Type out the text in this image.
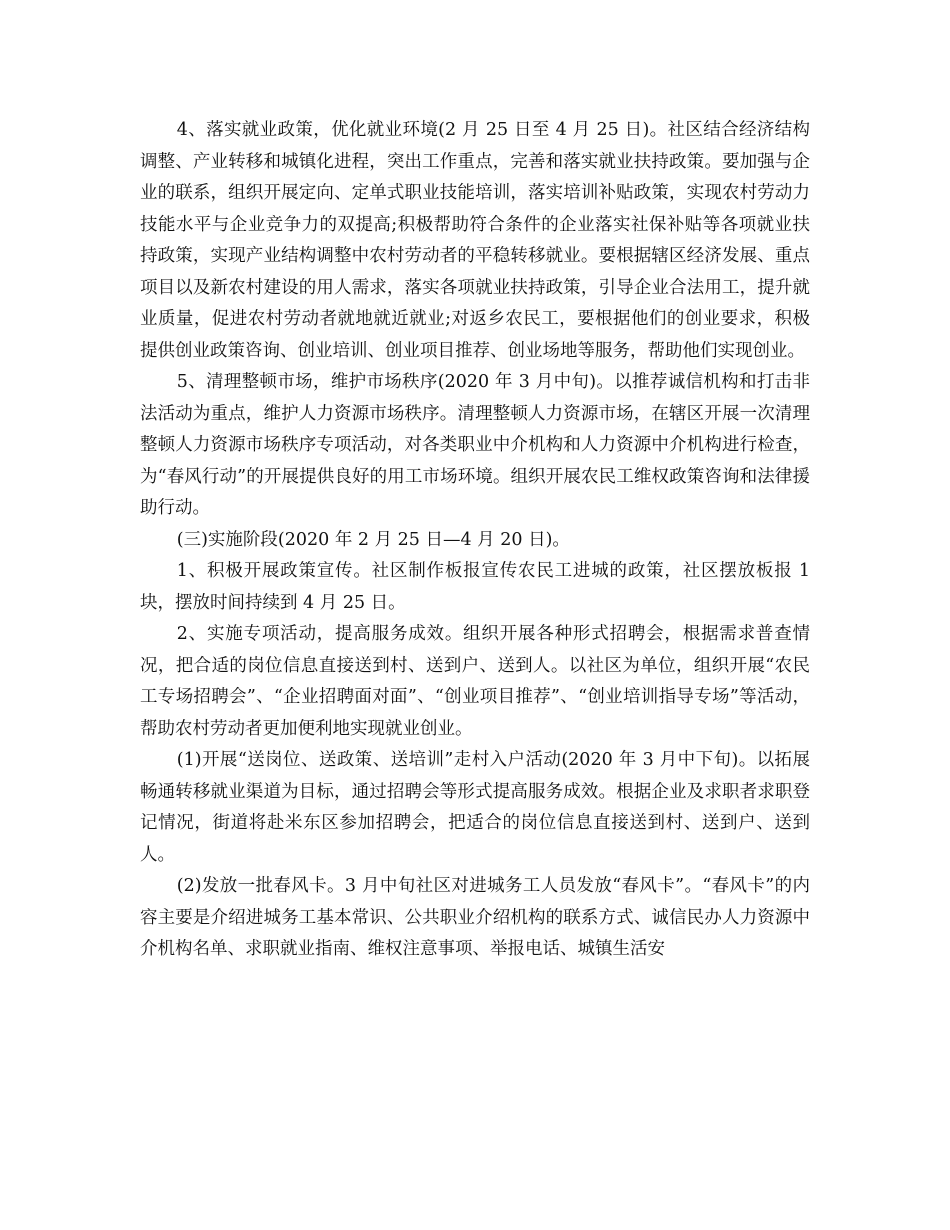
4、落实就业政策，优化就业环境(2 月 25 日至 4 月 25 日)。社区结合经济结构调整、产业转移和城镇化进程，突出工作重点，完善和落实就业扶持政策。要加强与企业的联系，组织开展定向、定单式职业技能培训，落实培训补贴政策，实现农村劳动力技能水平与企业竞争力的双提高;积极帮助符合条件的企业落实社保补贴等各项就业扶持政策，实现产业结构调整中农村劳动者的平稳转移就业。要根据辖区经济发展、重点项目以及新农村建设的用人需求，落实各项就业扶持政策，引导企业合法用工，提升就业质量，促进农村劳动者就地就近就业;对返乡农民工，要根据他们的创业要求，积极提供创业政策咨询、创业培训、创业项目推荐、创业场地等服务，帮助他们实现创业。

5、清理整顿市场，维护市场秩序(2020 年 3 月中旬)。以推荐诚信机构和打击非法活动为重点，维护人力资源市场秩序。清理整顿人力资源市场，在辖区开展一次清理整顿人力资源市场秩序专项活动，对各类职业中介机构和人力资源中介机构进行检查，为“春风行动”的开展提供良好的用工市场环境。组织开展农民工维权政策咨询和法律援助行动。

(三)实施阶段(2020 年 2 月 25 日—4 月 20 日)。

1、积极开展政策宣传。社区制作板报宣传农民工进城的政策，社区摆放板报 1 块，摆放时间持续到 4 月 25 日。

2、实施专项活动，提高服务成效。组织开展各种形式招聘会，根据需求普查情况，把合适的岗位信息直接送到村、送到户、送到人。以社区为单位，组织开展“农民工专场招聘会”、“企业招聘面对面”、“创业项目推荐”、“创业培训指导专场”等活动，帮助农村劳动者更加便利地实现就业创业。

(1)开展“送岗位、送政策、送培训”走村入户活动(2020 年 3 月中下旬)。以拓展畅通转移就业渠道为目标，通过招聘会等形式提高服务成效。根据企业及求职者求职登记情况，街道将赴米东区参加招聘会，把适合的岗位信息直接送到村、送到户、送到人。

(2)发放一批春风卡。3 月中旬社区对进城务工人员发放“春风卡”。“春风卡”的内容主要是介绍进城务工基本常识、公共职业介绍机构的联系方式、诚信民办人力资源中介机构名单、求职就业指南、维权注意事项、举报电话、城镇生活安
